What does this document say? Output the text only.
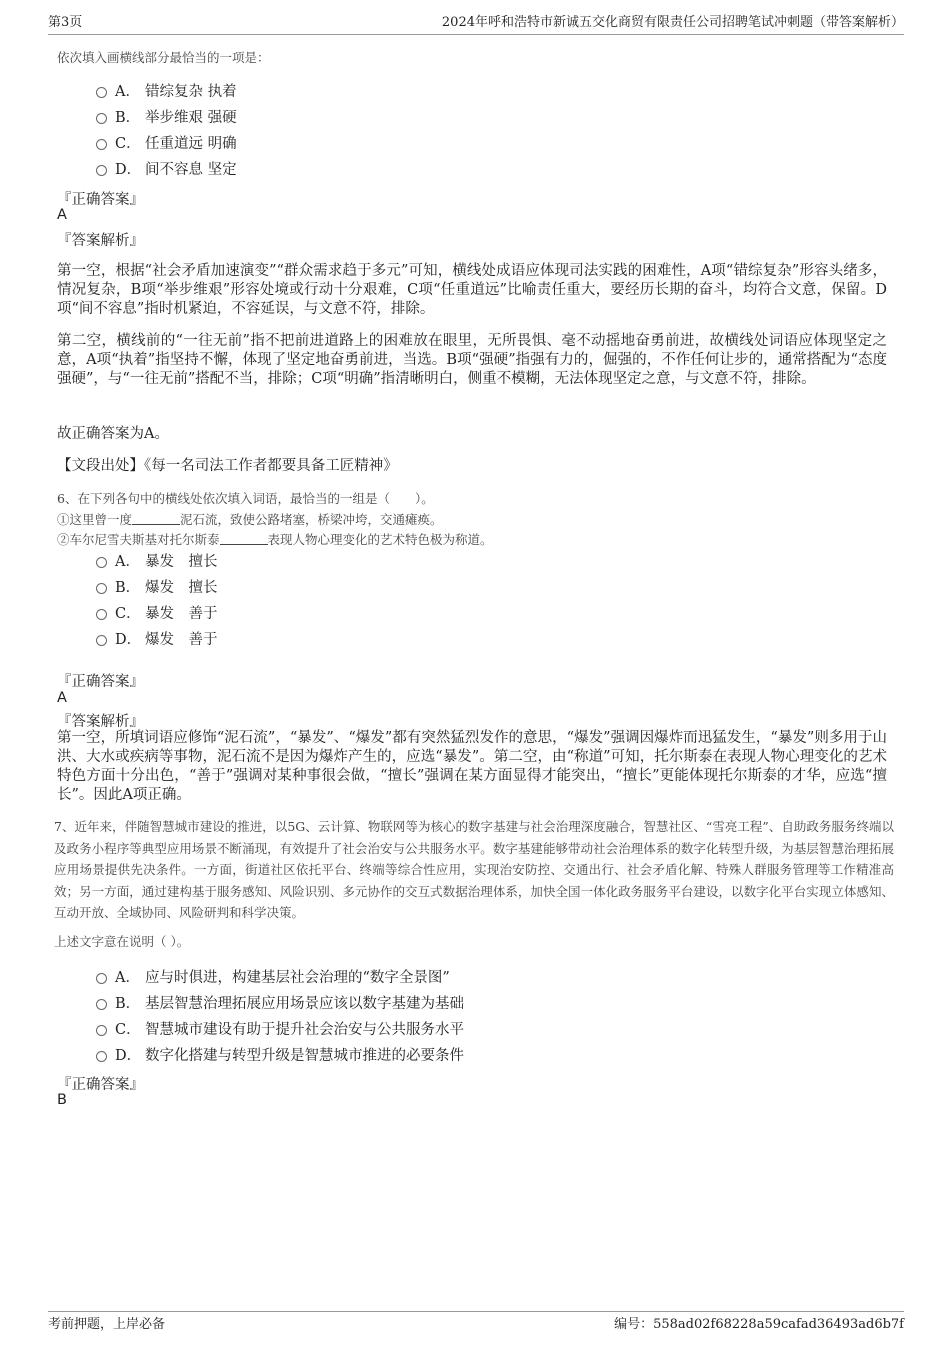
第3页	2024年呼和浩特市新诚五交化商贸有限责任公司招聘笔试冲刺题（带答案解析）
依次填入画横线部分最恰当的一项是：
A． 错综复杂 执着
B． 举步维艰 强硬
C． 任重道远 明确
D． 间不容息 坚定
『正确答案』
A
『答案解析』
第一空，根据“社会矛盾加速演变”“群众需求趋于多元”可知，横线处成语应体现司法实践的困难性，A项“错综复杂”形容头绪多，情况复杂，B项“举步维艰”形容处境或行动十分艰难，C项“任重道远”比喻责任重大，要经历长期的奋斗，均符合文意，保留。D项“间不容息”指时机紧迫，不容延误，与文意不符，排除。
第二空，横线前的“一往无前”指不把前进道路上的困难放在眼里，无所畏惧、毫不动摇地奋勇前进，故横线处词语应体现坚定之意，A项“执着”指坚持不懈，体现了坚定地奋勇前进，当选。B项“强硬”指强有力的，倔强的，不作任何让步的，通常搭配为“态度强硬”，与“一往无前”搭配不当，排除；C项“明确”指清晰明白，侧重不模糊，无法体现坚定之意，与文意不符，排除。
故正确答案为A。
【文段出处】《每一名司法工作者都要具备工匠精神》
6、在下列各句中的横线处依次填入词语，最恰当的一组是（　　）。
①这里曾一度	泥石流，致使公路堵塞，桥梁冲垮，交通瘫痪。
②车尔尼雪夫斯基对托尔斯泰	表现人物心理变化的艺术特色极为称道。
A． 暴发　擅长
B． 爆发　擅长
C． 暴发　善于
D． 爆发　善于
『正确答案』
A
『答案解析』
第一空，所填词语应修饰“泥石流”，“暴发”、“爆发”都有突然猛烈发作的意思，“爆发”强调因爆炸而迅猛发生，“暴发”则多用于山洪、大水或疾病等事物，泥石流不是因为爆炸产生的，应选“暴发”。第二空，由“称道”可知，托尔斯泰在表现人物心理变化的艺术特色方面十分出色，“善于”强调对某种事很会做，“擅长”强调在某方面显得才能突出，“擅长”更能体现托尔斯泰的才华，应选“擅长”。因此A项正确。
7、近年来，伴随智慧城市建设的推进，以5G、云计算、物联网等为核心的数字基建与社会治理深度融合，智慧社区、“雪亮工程”、自助政务服务终端以及政务小程序等典型应用场景不断涌现，有效提升了社会治安与公共服务水平。数字基建能够带动社会治理体系的数字化转型升级，为基层智慧治理拓展应用场景提供先决条件。一方面，街道社区依托平台、终端等综合性应用，实现治安防控、交通出行、社会矛盾化解、特殊人群服务管理等工作精准高效；另一方面，通过建构基于服务感知、风险识别、多元协作的交互式数据治理体系，加快全国一体化政务服务平台建设，以数字化平台实现立体感知、互动开放、全域协同、风险研判和科学决策。
上述文字意在说明（ ）。
A． 应与时俱进，构建基层社会治理的“数字全景图”
B． 基层智慧治理拓展应用场景应该以数字基建为基础
C． 智慧城市建设有助于提升社会治安与公共服务水平
D． 数字化搭建与转型升级是智慧城市推进的必要条件
『正确答案』
B
考前押题，上岸必备	编号：558ad02f68228a59cafad36493ad6b7f
